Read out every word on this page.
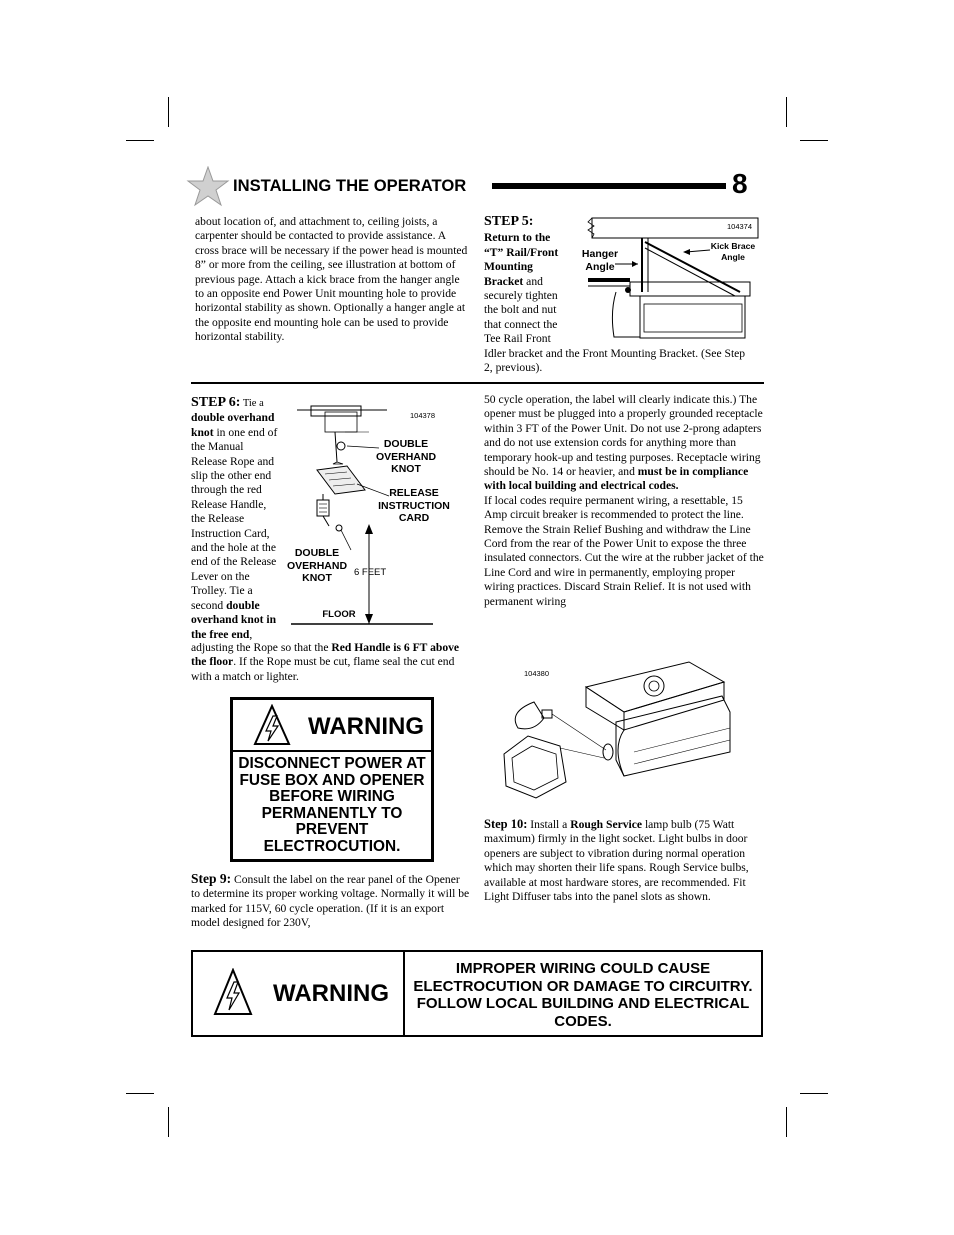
INSTALLING THE OPERATOR	8
about location of, and attachment to, ceiling joists, a carpenter should be contacted to provide assistance. A cross brace will be necessary if the power head is mounted 8” or more from the ceiling, see illustration at bottom of previous page. Attach a kick brace from the hanger angle to an opposite end Power Unit mounting hole to provide horizontal stability as shown. Optionally a hanger angle at the opposite end mounting hole can be used to provide horizontal stability.
STEP 5:
Return to the “T” Rail/Front Mounting Bracket and securely tighten the bolt and nut that connect the Tee Rail Front
Idler bracket and the Front Mounting Bracket. (See Step 2, previous).
104374
Hanger Angle
Kick Brace Angle
STEP 6: Tie a double overhand knot in one end of the Manual Release Rope and slip the other end through the red Release Handle, the Release Instruction Card, and the hole at the end of the Release Lever on the Trolley. Tie a second double overhand knot in the free end,
adjusting the Rope so that the Red Handle is 6 FT above the floor. If the Rope must be cut, flame seal the cut end with a match or lighter.
104378
DOUBLE OVERHAND KNOT
RELEASE INSTRUCTION CARD
DOUBLE OVERHAND KNOT	6 FEET
FLOOR
WARNING
DISCONNECT POWER AT FUSE BOX AND OPENER BEFORE WIRING PERMANENTLY TO PREVENT ELECTROCUTION.
Step 9: Consult the label on the rear panel of the Opener to determine its proper working voltage. Normally it will be marked for 115V, 60 cycle operation. (If it is an export model designed for 230V,
50 cycle operation, the label will clearly indicate this.) The opener must be plugged into a properly grounded receptacle within 3 FT of the Power Unit. Do not use 2-prong adapters and do not use extension cords for anything more than temporary hook-up and testing purposes. Receptacle wiring should be No. 14 or heavier, and must be in compliance with local building and electrical codes.
If local codes require permanent wiring, a resettable, 15 Amp circuit breaker is recommended to protect the line. Remove the Strain Relief Bushing and withdraw the Line Cord from the rear of the Power Unit to expose the three insulated connectors. Cut the wire at the rubber jacket of the Line Cord and wire in permanently, employing proper wiring practices. Discard Strain Relief. It is not used with permanent wiring
104380
Step 10: Install a Rough Service lamp bulb (75 Watt maximum) firmly in the light socket. Light bulbs in door openers are subject to vibration during normal operation which may shorten their life spans. Rough Service bulbs, available at most hardware stores, are recommended. Fit Light Diffuser tabs into the panel slots as shown.
WARNING
IMPROPER WIRING COULD CAUSE ELECTROCUTION OR DAMAGE TO CIRCUITRY. FOLLOW LOCAL BUILDING AND ELECTRICAL CODES.
